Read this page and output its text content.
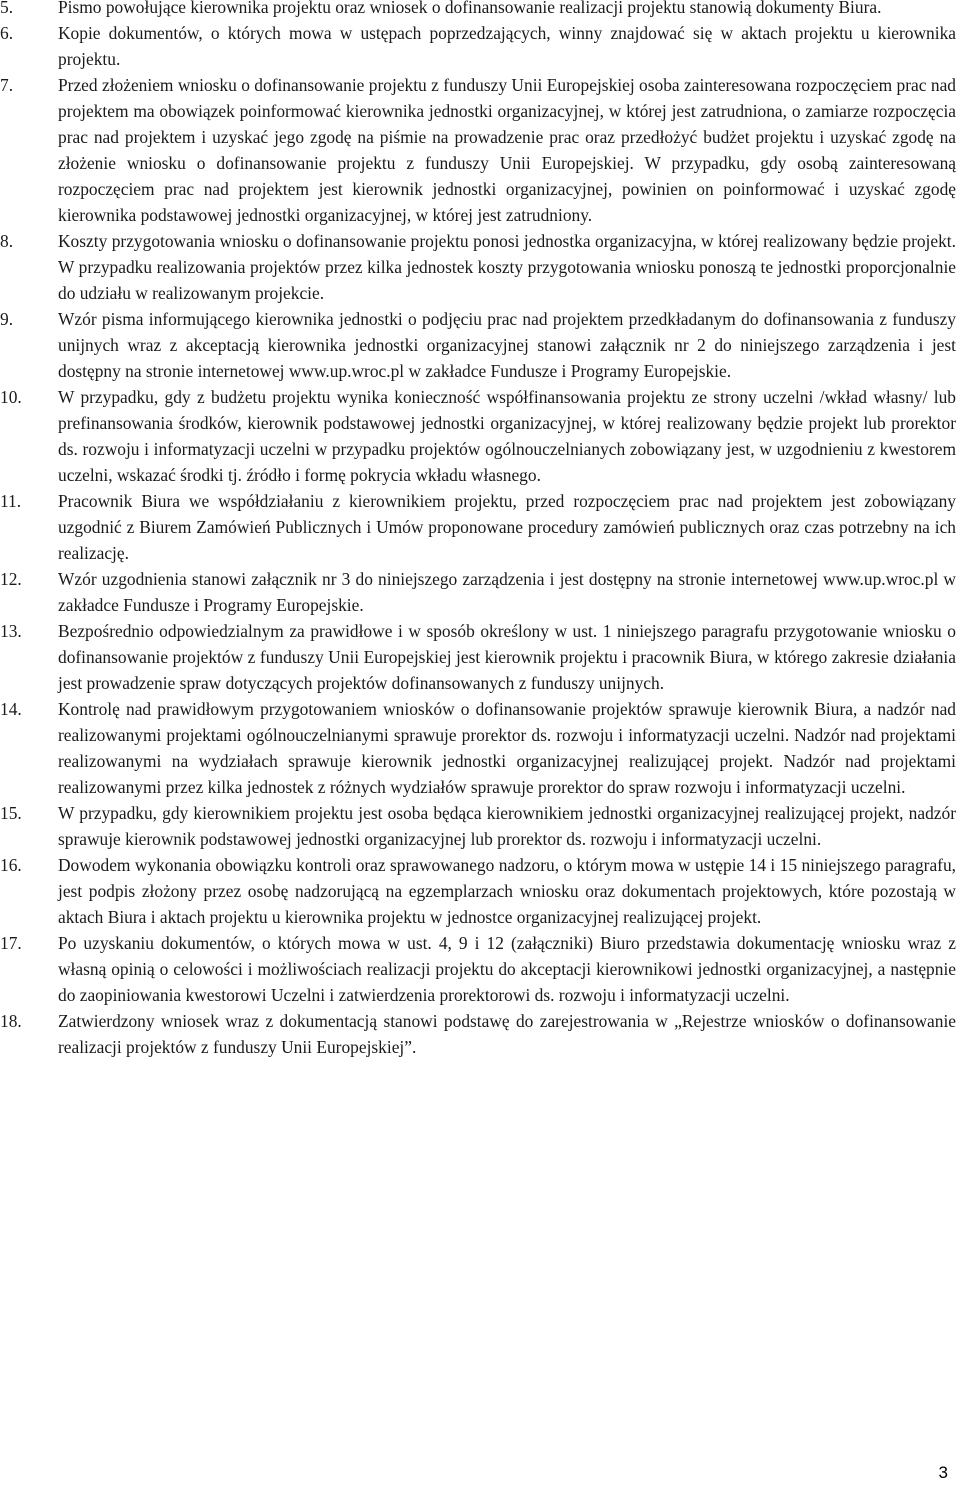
5.	Pismo powołujące kierownika projektu oraz wniosek o dofinansowanie realizacji projektu stanowią dokumenty Biura.

6.	Kopie dokumentów, o których mowa w ustępach poprzedzających, winny znajdować się w aktach projektu u kierownika projektu.

7.	Przed złożeniem wniosku o dofinansowanie projektu z funduszy Unii Europejskiej osoba zainteresowana rozpoczęciem prac nad projektem ma obowiązek poinformować kierownika jednostki organizacyjnej, w której jest zatrudniona, o zamiarze rozpoczęcia prac nad projektem i uzyskać jego zgodę na piśmie na prowadzenie prac oraz przedłożyć budżet projektu i uzyskać zgodę na złożenie wniosku o dofinansowanie projektu z funduszy Unii Europejskiej. W przypadku, gdy osobą zainteresowaną rozpoczęciem prac nad projektem jest kierownik jednostki organizacyjnej, powinien on poinformować i uzyskać zgodę kierownika podstawowej jednostki organizacyjnej, w której jest zatrudniony.

8.	Koszty przygotowania wniosku o dofinansowanie projektu ponosi jednostka organizacyjna, w której realizowany będzie projekt. W przypadku realizowania projektów przez kilka jednostek koszty przygotowania wniosku ponoszą te jednostki proporcjonalnie do udziału w realizowanym projekcie.

9.	Wzór pisma informującego kierownika jednostki o podjęciu prac nad projektem przedkładanym do dofinansowania z funduszy unijnych wraz z akceptacją kierownika jednostki organizacyjnej stanowi załącznik nr 2 do niniejszego zarządzenia i jest dostępny na stronie internetowej www.up.wroc.pl w zakładce Fundusze i Programy Europejskie.

10.	W przypadku, gdy z budżetu projektu wynika konieczność współfinansowania projektu ze strony uczelni /wkład własny/ lub prefinansowania środków, kierownik podstawowej jednostki organizacyjnej, w której realizowany będzie projekt lub prorektor ds. rozwoju i informatyzacji uczelni w przypadku projektów ogólnouczelnianych zobowiązany jest, w uzgodnieniu z kwestorem uczelni, wskazać środki tj. źródło i formę pokrycia wkładu własnego.

11.	Pracownik Biura we współdziałaniu z kierownikiem projektu, przed rozpoczęciem prac nad projektem jest zobowiązany uzgodnić z Biurem Zamówień Publicznych i Umów proponowane procedury zamówień publicznych oraz czas potrzebny na ich realizację.

12.	Wzór uzgodnienia stanowi załącznik nr 3 do niniejszego zarządzenia i jest dostępny na stronie internetowej www.up.wroc.pl w zakładce Fundusze i Programy Europejskie.

13.	Bezpośrednio odpowiedzialnym za prawidłowe i w sposób określony w ust. 1 niniejszego paragrafu przygotowanie wniosku o dofinansowanie projektów z funduszy Unii Europejskiej jest kierownik projektu i pracownik Biura, w którego zakresie działania jest prowadzenie spraw dotyczących projektów dofinansowanych z funduszy unijnych.

14.	Kontrolę nad prawidłowym przygotowaniem wniosków o dofinansowanie projektów sprawuje kierownik Biura, a nadzór nad realizowanymi projektami ogólnouczelnianymi sprawuje prorektor ds. rozwoju i informatyzacji uczelni. Nadzór nad projektami realizowanymi na wydziałach sprawuje kierownik jednostki organizacyjnej realizującej projekt. Nadzór nad projektami realizowanymi przez kilka jednostek z różnych wydziałów sprawuje prorektor do spraw rozwoju i informatyzacji uczelni.

15.	W przypadku, gdy kierownikiem projektu jest osoba będąca kierownikiem jednostki organizacyjnej realizującej projekt, nadzór sprawuje kierownik podstawowej jednostki organizacyjnej lub prorektor ds. rozwoju i informatyzacji uczelni.

16.	Dowodem wykonania obowiązku kontroli oraz sprawowanego nadzoru, o którym mowa w ustępie 14 i 15 niniejszego paragrafu, jest podpis złożony przez osobę nadzorującą na egzemplarzach wniosku oraz dokumentach projektowych, które pozostają w aktach Biura i aktach projektu u kierownika projektu w jednostce organizacyjnej realizującej projekt.

17.	Po uzyskaniu dokumentów, o których mowa w ust. 4, 9 i 12 (załączniki) Biuro przedstawia dokumentację wniosku wraz z własną opinią o celowości i możliwościach realizacji projektu do akceptacji kierownikowi jednostki organizacyjnej, a następnie do zaopiniowania kwestorowi Uczelni i zatwierdzenia prorektorowi ds. rozwoju i informatyzacji uczelni.

18.	Zatwierdzony wniosek wraz z dokumentacją stanowi podstawę do zarejestrowania w „Rejestrze wniosków o dofinansowanie realizacji projektów z funduszy Unii Europejskiej”.

3
